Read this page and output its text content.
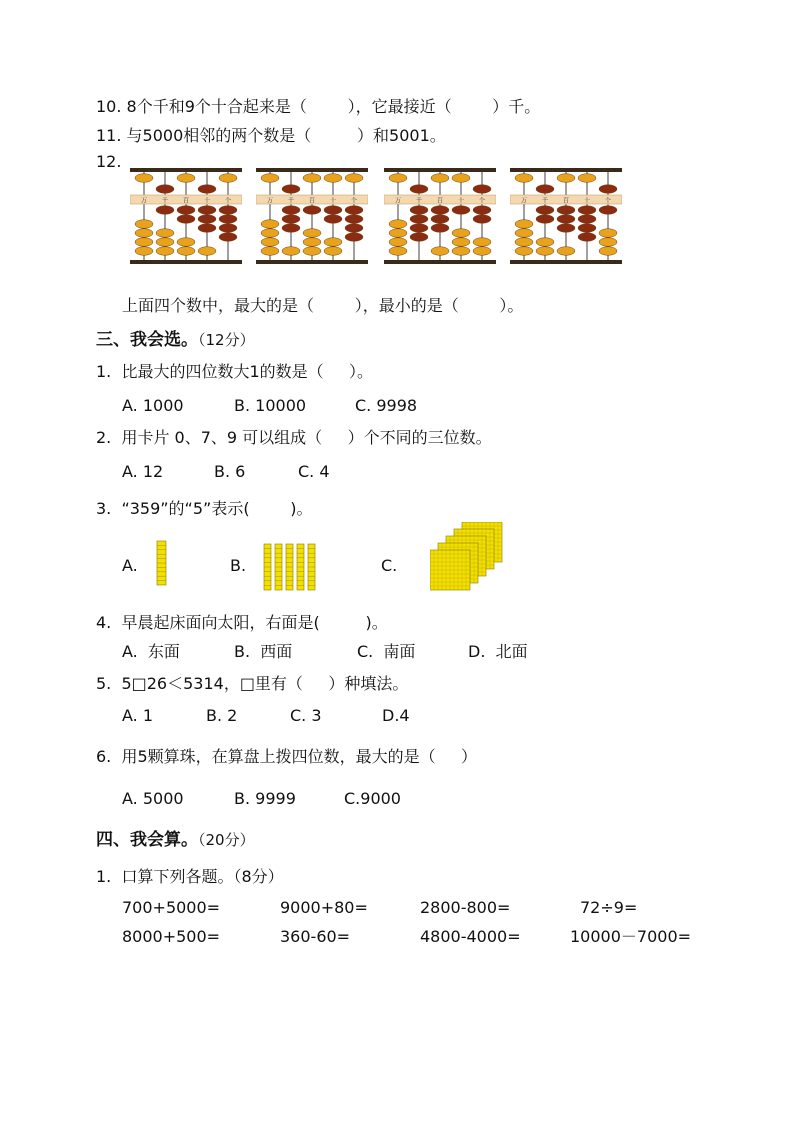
10. 8个千和9个十合起来是（        ），它最接近（        ）千。
11. 与5000相邻的两个数是（         ）和5001。
12.
万 千 百 十 个	万 千 百 十 个	万 千 百 十 个	万 千 百 十 个
上面四个数中，最大的是（        ），最小的是（        ）。
三、我会选。（12分）
1.  比最大的四位数大1的数是（     ）。

A. 1000

	B. 10000

	C. 9998

2.  用卡片 0、7、9 可以组成（     ）个不同的三位数。

A. 12

	B. 6

	C. 4

3.  “359”的“5”表示(        )。

A.

	B.

	C.

4.  早晨起床面向太阳，右面是(         )。

A.  东面

	B.  西面

	C.  南面

	D.  北面

5.  5□26＜5314，□里有（     ）种填法。

A. 1

	B. 2

	C. 3

	D.4

6.  用5颗算珠，在算盘上拨四位数，最大的是（     ）

A. 5000

	B. 9999

	C.9000

四、我会算。（20分）
1.  口算下列各题。（8分）

700+5000=

	9000+80=

	2800-800=

	72÷9=

8000+500=

	360-60=

	4800-4000=

	10000－7000=
